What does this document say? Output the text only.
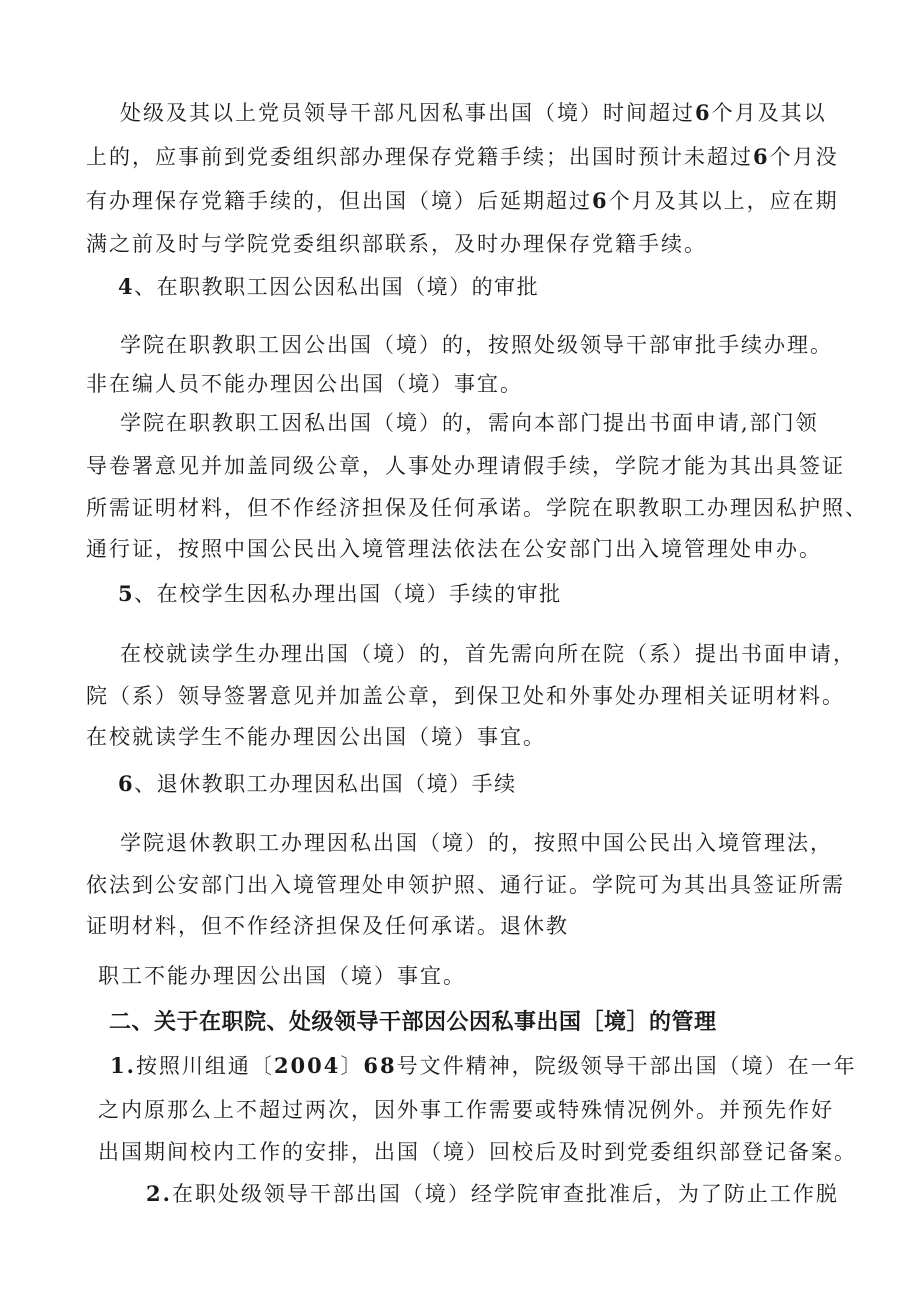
处级及其以上党员领导干部凡因私事出国（境）时间超过6个月及其以
上的，应事前到党委组织部办理保存党籍手续；出国时预计未超过6个月没
有办理保存党籍手续的，但出国（境）后延期超过6个月及其以上，应在期
满之前及时与学院党委组织部联系，及时办理保存党籍手续。
4、在职教职工因公因私出国（境）的审批
学院在职教职工因公出国（境）的，按照处级领导干部审批手续办理。
非在编人员不能办理因公出国（境）事宜。
学院在职教职工因私出国（境）的，需向本部门提出书面申请,部门领
导卷署意见并加盖同级公章，人事处办理请假手续，学院才能为其出具签证
所需证明材料，但不作经济担保及任何承诺。学院在职教职工办理因私护照、
通行证，按照中国公民出入境管理法依法在公安部门出入境管理处申办。
5、在校学生因私办理出国（境）手续的审批
在校就读学生办理出国（境）的，首先需向所在院（系）提出书面申请，
院（系）领导签署意见并加盖公章，到保卫处和外事处办理相关证明材料。
在校就读学生不能办理因公出国（境）事宜。
6、退休教职工办理因私出国（境）手续
学院退休教职工办理因私出国（境）的，按照中国公民出入境管理法，
依法到公安部门出入境管理处申领护照、通行证。学院可为其出具签证所需
证明材料，但不作经济担保及任何承诺。退休教
职工不能办理因公出国（境）事宜。
二、关于在职院、处级领导干部因公因私事出国［境］的管理
1.按照川组通〔2004〕68号文件精神，院级领导干部出国（境）在一年
之内原那么上不超过两次，因外事工作需要或特殊情况例外。并预先作好
出国期间校内工作的安排，出国（境）回校后及时到党委组织部登记备案。
2.在职处级领导干部出国（境）经学院审查批准后，为了防止工作脱
